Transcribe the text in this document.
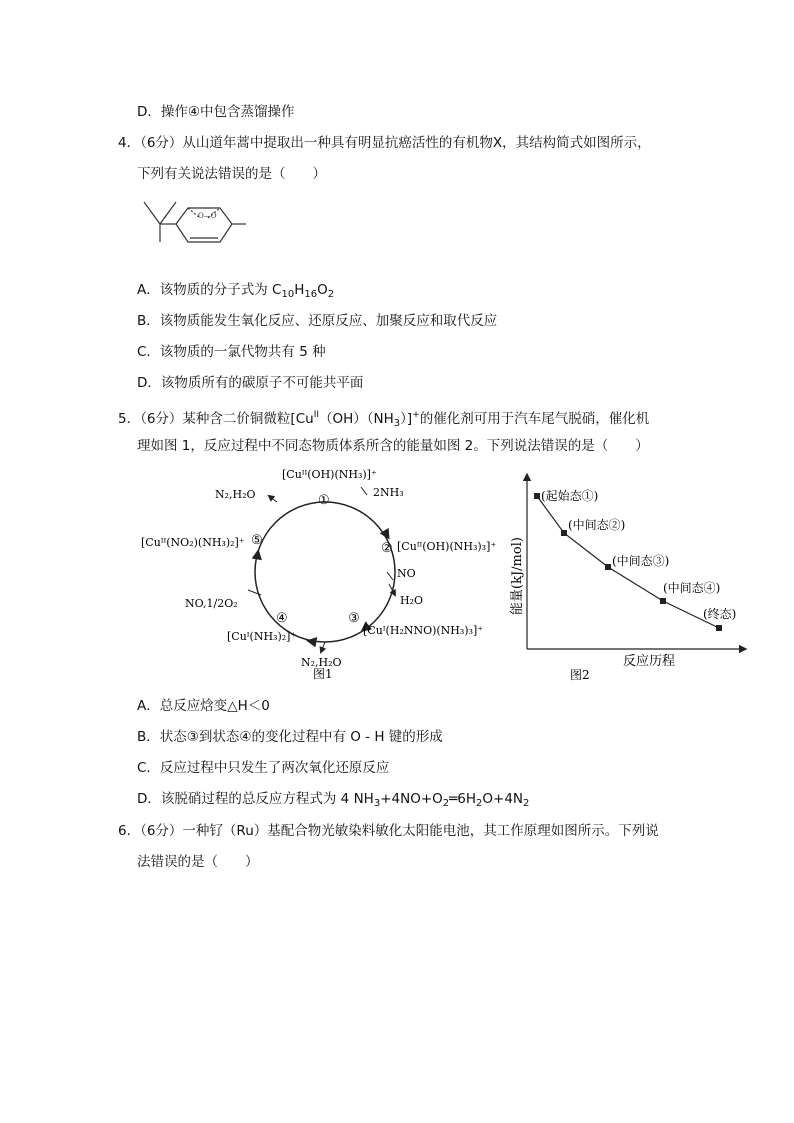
D．操作④中包含蒸馏操作
4．（6分）从山道年蒿中提取出一种具有明显抗癌活性的有机物X，其结构简式如图所示，
下列有关说法错误的是（　　）
O—O
A．该物质的分子式为 $C_{10}H_{16}O_2$
B．该物质能发生氧化反应、还原反应、加聚反应和取代反应
C．该物质的一氯代物共有 5 种
D．该物质所有的碳原子不可能共平面
5．（6分）某种含二价铜微粒$[Cu^{II}(OH)(NH_3)]^+$的催化剂可用于汽车尾气脱硝，催化机
理如图 1，反应过程中不同态物质体系所含的能量如图 2。下列说法错误的是（　　）
①
②
③
④
⑤
[Cuᴵᴵ(OH)(NH₃)]⁺
[Cuᴵᴵ(OH)(NH₃)₃]⁺
[Cuᴵ(H₂NNO)(NH₃)₃]⁺
[Cuᴵ(NH₃)₂]⁺
[Cuᴵᴵ(NO₂)(NH₃)₂]⁺
2NH₃
NO
H₂O
N₂,H₂O
NO,1/2O₂
N₂,H₂O
图1
能量(kJ/mol)
反应历程
(起始态①)
(中间态②)
(中间态③)
(中间态④)
(终态)
图2
A．总反应焓变△H＜0
B．状态③到状态④的变化过程中有 O - H 键的形成
C．反应过程中只发生了两次氧化还原反应
D．该脱硝过程的总反应方程式为 4 $NH_3+4NO+O_2═6H_2O+4N_2$
6．（6分）一种钌（Ru）基配合物光敏染料敏化太阳能电池，其工作原理如图所示。下列说
法错误的是（　　）
